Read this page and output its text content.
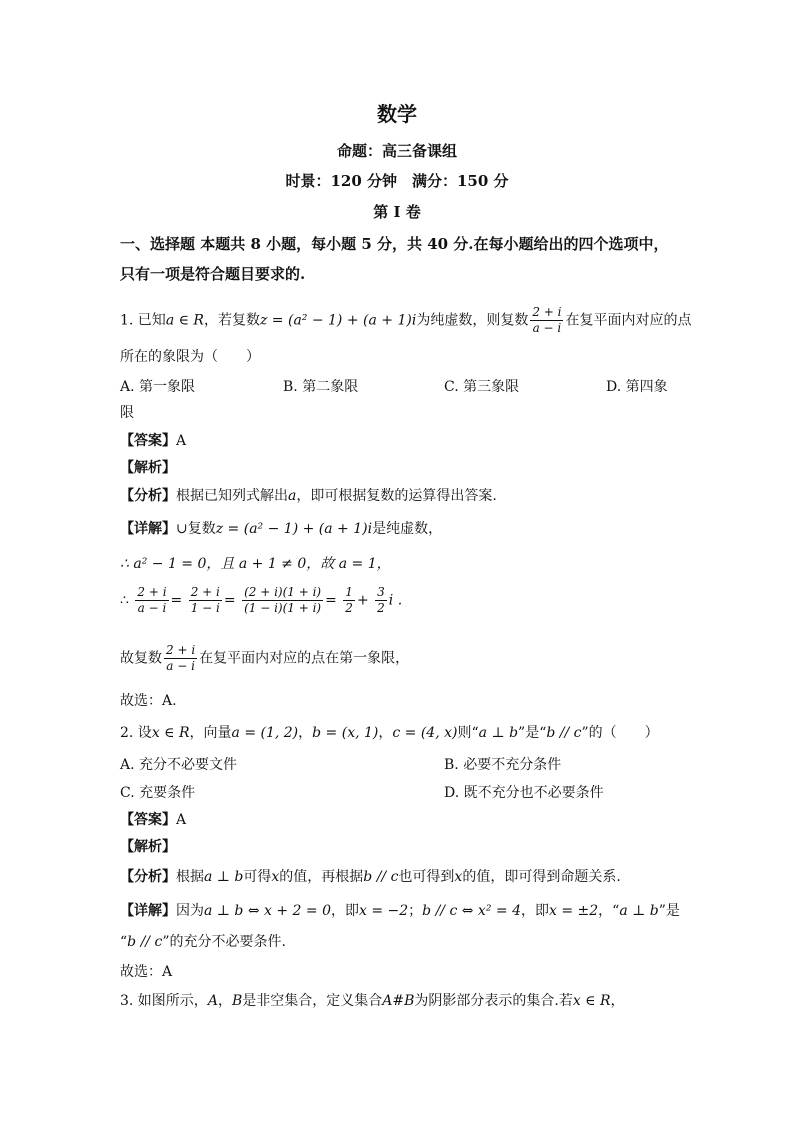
数学
命题：高三备课组
时景：120 分钟　满分：150 分
第 I 卷
一、选择题 本题共 8 小题，每小题 5 分，共 40 分.在每小题给出的四个选项中，
只有一项是符合题目要求的.
1. 已知a ∈ R，若复数z = (a² − 1) + (a + 1)i为纯虚数，则复数 $\frac{2 + i}{a - i}$ 在复平面内对应的点
所在的象限为（　　）
A. 第一象限	B. 第二象限	C. 第三象限	D. 第四象
限
【答案】A
【解析】
【分析】根据已知列式解出a，即可根据复数的运算得出答案.
【详解】∪复数z = (a² − 1) + (a + 1)i是纯虚数，
∴ a² − 1 = 0，且 a + 1 ≠ 0，故 a = 1，
∴ $\frac{2 + i}{a - i} = \frac{2 + i}{1 - i} = \frac{(2 + i)(1 + i)}{(1 - i)(1 + i)} = \frac{1}{2} + \frac{3}{2}$ i .
故复数 $\frac{2 + i}{a - i}$ 在复平面内对应的点在第一象限，
故选：A.
2. 设x ∈ R，向量a = (1, 2)，b = (x, 1)，c = (4, x)则“a ⊥ b”是“b // c”的（　　）
A. 充分不必要文件	B. 必要不充分条件
C. 充要条件	D. 既不充分也不必要条件
【答案】A
【解析】
【分析】根据a ⊥ b可得x的值，再根据b // c也可得到x的值，即可得到命题关系.
【详解】因为a ⊥ b ⇔ x + 2 = 0，即x = −2；b // c ⇔ x² = 4，即x = ±2，“a ⊥ b”是
“b // c”的充分不必要条件.
故选：A
3. 如图所示，A，B是非空集合，定义集合A#B为阴影部分表示的集合.若x ∈ R，
